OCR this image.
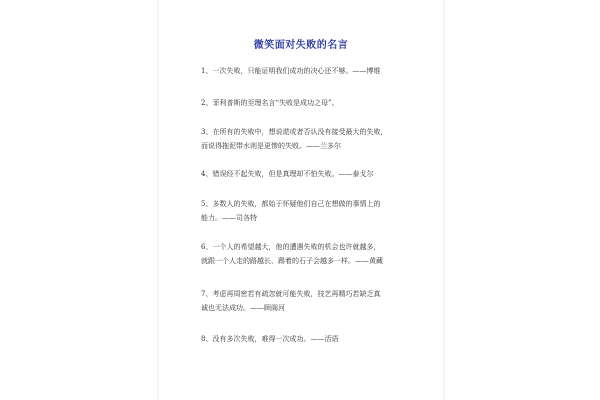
微笑面对失败的名言
1、一次失败，只能证明我们成功的决心还不够。——博维
2、菲利普斯的至理名言“失败是成功之母”。
3、在所有的失败中，想说谎或者否认没有接受最大的失败，
而说得拖泥带水则是更惨的失败。——兰多尔
4、错误经不起失败，但是真理却不怕失败。——泰戈尔
5、多数人的失败，都始于怀疑他们自己在想做的事情上的
能力。——司各特
6、一个人的希望越大，他的遭遇失败的机会也许就越多，
就跟一个人走的路越长，踢着的石子会越多一样。——黄藏
7、考虑再周密若有疏忽就可能失败，技艺再精巧若缺乏真
诚也无法成功。——顾阁河
8、没有多次失败，难得一次成功。——活语
